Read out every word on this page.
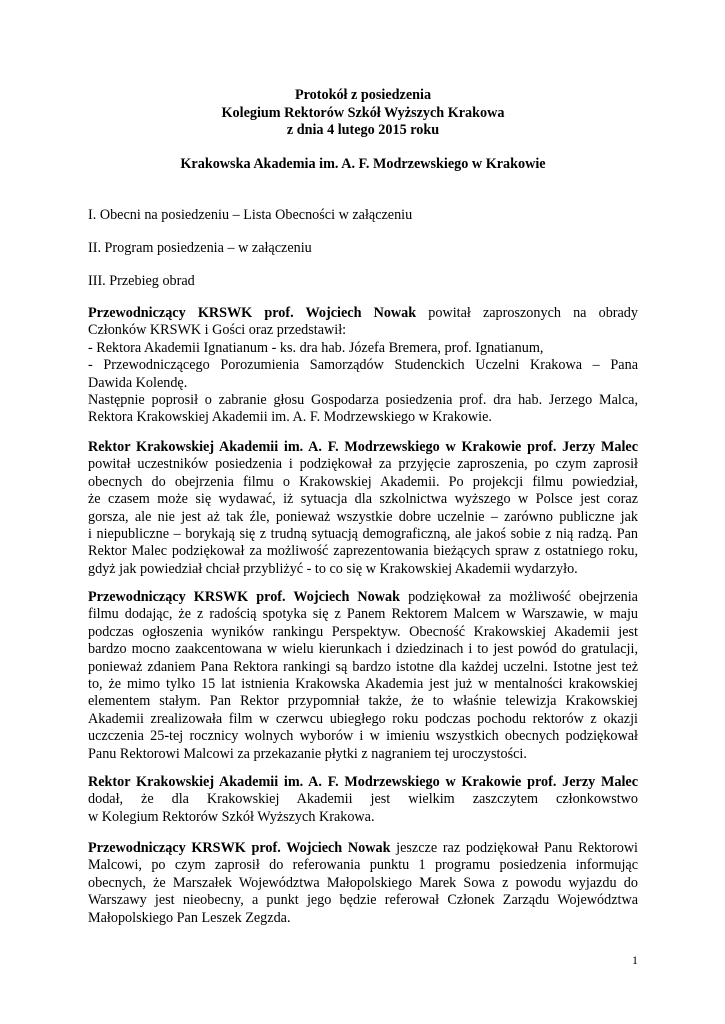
Protokół z posiedzenia
Kolegium Rektorów Szkół Wyższych Krakowa
z dnia 4 lutego 2015 roku
Krakowska Akademia im. A. F. Modrzewskiego w Krakowie
I. Obecni na posiedzeniu – Lista Obecności w załączeniu
II. Program posiedzenia – w załączeniu
III. Przebieg obrad
Przewodniczący KRSWK prof. Wojciech Nowak powitał zaproszonych na obrady
Członków KRSWK i Gości oraz przedstawił:
- Rektora Akademii Ignatianum - ks. dra hab. Józefa Bremera, prof. Ignatianum,
- Przewodniczącego Porozumienia Samorządów Studenckich Uczelni Krakowa – Pana
Dawida Kolendę.
Następnie poprosił o zabranie głosu Gospodarza posiedzenia prof. dra hab. Jerzego Malca,
Rektora Krakowskiej Akademii im. A. F. Modrzewskiego w Krakowie.
Rektor Krakowskiej Akademii im. A. F. Modrzewskiego w Krakowie prof. Jerzy Malec
powitał uczestników posiedzenia i podziękował za przyjęcie zaproszenia, po czym zaprosił
obecnych do obejrzenia filmu o Krakowskiej Akademii. Po projekcji filmu powiedział,
że czasem może się wydawać, iż sytuacja dla szkolnictwa wyższego w Polsce jest coraz
gorsza, ale nie jest aż tak źle, ponieważ wszystkie dobre uczelnie – zarówno publiczne jak
i niepubliczne – borykają się z trudną sytuacją demograficzną, ale jakoś sobie z nią radzą. Pan
Rektor Malec podziękował za możliwość zaprezentowania bieżących spraw z ostatniego roku,
gdyż jak powiedział chciał przybliżyć - to co się w Krakowskiej Akademii wydarzyło.
Przewodniczący KRSWK prof. Wojciech Nowak podziękował za możliwość obejrzenia
filmu dodając, że z radością spotyka się z Panem Rektorem Malcem w Warszawie, w maju
podczas ogłoszenia wyników rankingu Perspektyw. Obecność Krakowskiej Akademii jest
bardzo mocno zaakcentowana w wielu kierunkach i dziedzinach i to jest powód do gratulacji,
ponieważ zdaniem Pana Rektora rankingi są bardzo istotne dla każdej uczelni. Istotne jest też
to, że mimo tylko 15 lat istnienia Krakowska Akademia jest już w mentalności krakowskiej
elementem stałym. Pan Rektor przypomniał także, że to właśnie telewizja Krakowskiej
Akademii zrealizowała film w czerwcu ubiegłego roku podczas pochodu rektorów z okazji
uczczenia 25-tej rocznicy wolnych wyborów i w imieniu wszystkich obecnych podziękował
Panu Rektorowi Malcowi za przekazanie płytki z nagraniem tej uroczystości.
Rektor Krakowskiej Akademii im. A. F. Modrzewskiego w Krakowie prof. Jerzy Malec
dodał, że dla Krakowskiej Akademii jest wielkim zaszczytem członkowstwo
w Kolegium Rektorów Szkół Wyższych Krakowa.
Przewodniczący KRSWK prof. Wojciech Nowak jeszcze raz podziękował Panu Rektorowi
Malcowi, po czym zaprosił do referowania punktu 1 programu posiedzenia informując
obecnych, że Marszałek Województwa Małopolskiego Marek Sowa z powodu wyjazdu do
Warszawy jest nieobecny, a punkt jego będzie referował Członek Zarządu Województwa
Małopolskiego Pan Leszek Zegzda.
1
